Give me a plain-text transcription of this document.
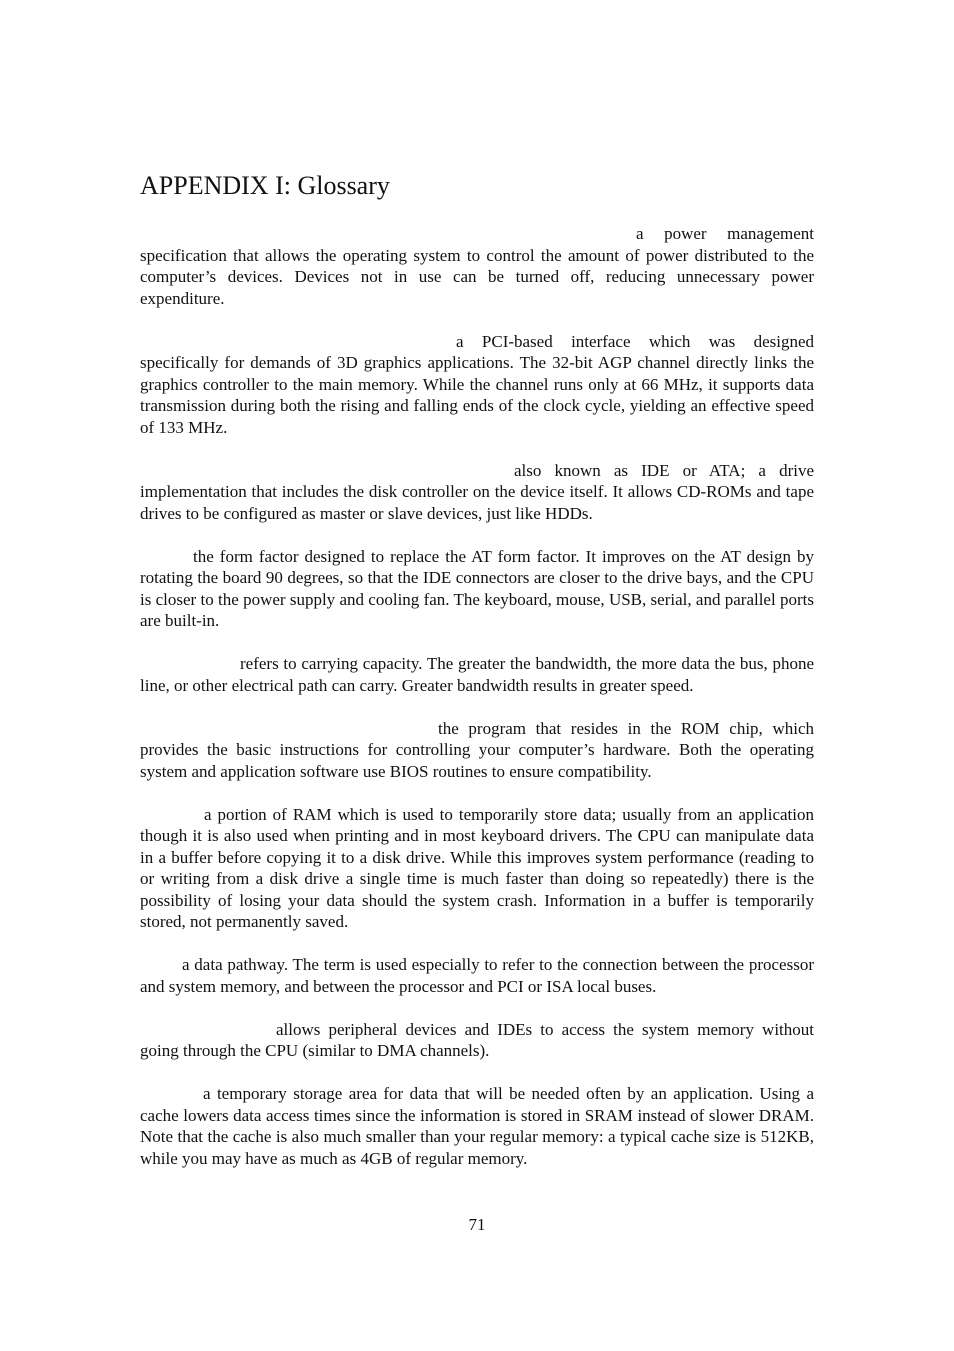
APPENDIX I: Glossary

a power management specification that allows the operating system to control the amount of power distributed to the computer’s devices. Devices not in use can be turned off, reducing unnecessary power expenditure.

a PCI-based interface which was designed specifically for demands of 3D graphics applications. The 32-bit AGP channel directly links the graphics controller to the main memory. While the channel runs only at 66 MHz, it supports data transmission during both the rising and falling ends of the clock cycle, yielding an effective speed of 133 MHz.

also known as IDE or ATA; a drive implementation that includes the disk controller on the device itself. It allows CD-ROMs and tape drives to be configured as master or slave devices, just like HDDs.

the form factor designed to replace the AT form factor. It improves on the AT design by rotating the board 90 degrees, so that the IDE connectors are closer to the drive bays, and the CPU is closer to the power supply and cooling fan. The keyboard, mouse, USB, serial, and parallel ports are built-in.

refers to carrying capacity. The greater the bandwidth, the more data the bus, phone line, or other electrical path can carry. Greater bandwidth results in greater speed.

the program that resides in the ROM chip, which provides the basic instructions for controlling your computer’s hardware. Both the operating system and application software use BIOS routines to ensure compatibility.

a portion of RAM which is used to temporarily store data; usually from an application though it is also used when printing and in most keyboard drivers. The CPU can manipulate data in a buffer before copying it to a disk drive. While this improves system performance (reading to or writing from a disk drive a single time is much faster than doing so repeatedly) there is the possibility of losing your data should the system crash. Information in a buffer is temporarily stored, not permanently saved.

a data pathway. The term is used especially to refer to the connection between the processor and system memory, and between the processor and PCI or ISA local buses.

allows peripheral devices and IDEs to access the system memory without going through the CPU (similar to DMA channels).

a temporary storage area for data that will be needed often by an application. Using a cache lowers data access times since the information is stored in SRAM instead of slower DRAM. Note that the cache is also much smaller than your regular memory: a typical cache size is 512KB, while you may have as much as 4GB of regular memory.

71
